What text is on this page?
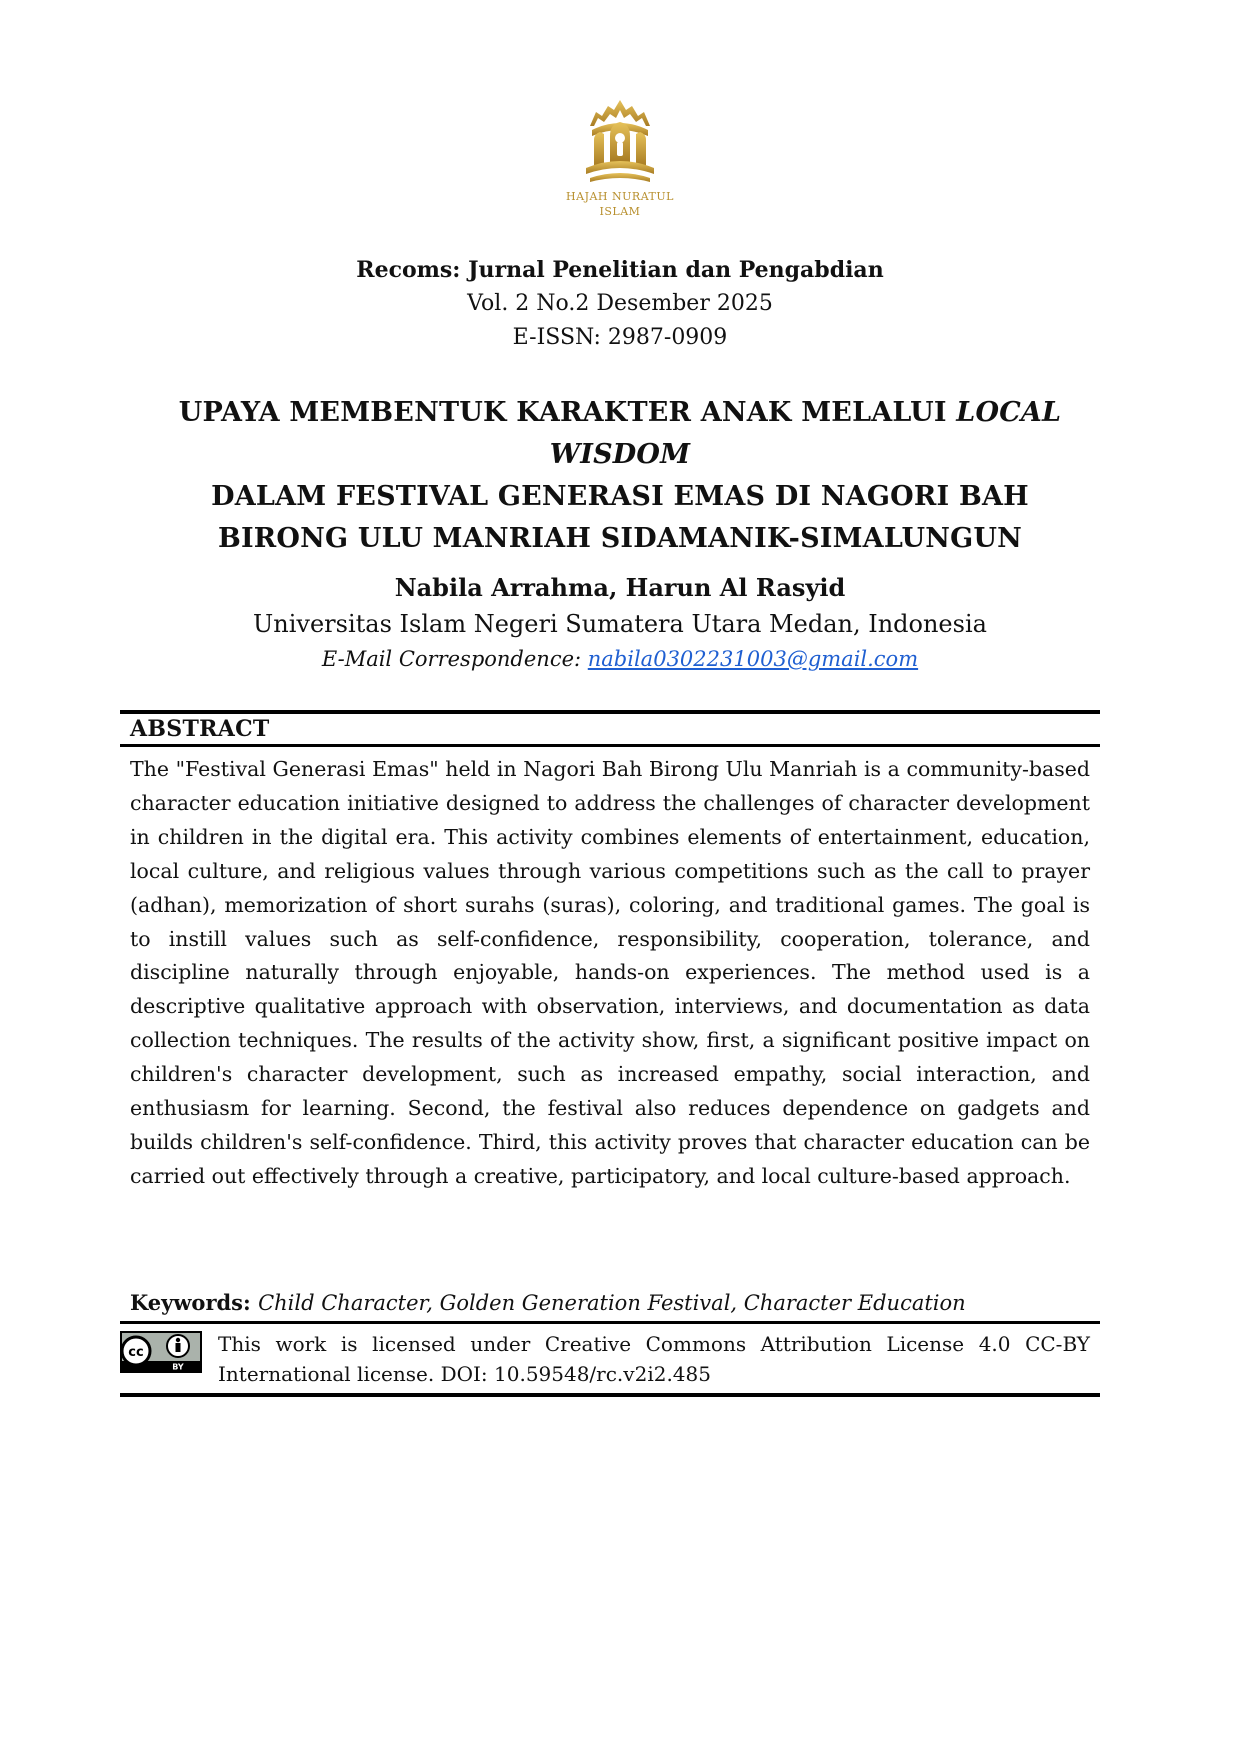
HAJAH NURATUL
ISLAM
Recoms: Jurnal Penelitian dan Pengabdian
Vol. 2 No.2 Desember 2025
E-ISSN: 2987-0909
UPAYA MEMBENTUK KARAKTER ANAK MELALUI LOCAL WISDOM
DALAM FESTIVAL GENERASI EMAS DI NAGORI BAH
BIRONG ULU MANRIAH SIDAMANIK-SIMALUNGUN
Nabila Arrahma, Harun Al Rasyid
Universitas Islam Negeri Sumatera Utara Medan, Indonesia
E-Mail Correspondence: nabila0302231003@gmail.com
ABSTRACT

The "Festival Generasi Emas" held in Nagori Bah Birong Ulu Manriah is a community-based character education initiative designed to address the challenges of character development in children in the digital era. This activity combines elements of entertainment, education, local culture, and religious values through various competitions such as the call to prayer (adhan), memorization of short surahs (suras), coloring, and traditional games. The goal is to instill values such as self-confidence, responsibility, cooperation, tolerance, and discipline naturally through enjoyable, hands-on experiences. The method used is a descriptive qualitative approach with observation, interviews, and documentation as data collection techniques. The results of the activity show, first, a significant positive impact on children's character development, such as increased empathy, social interaction, and enthusiasm for learning. Second, the festival also reduces dependence on gadgets and builds children's self-confidence. Third, this activity proves that character education can be carried out effectively through a creative, participatory, and local culture-based approach.

Keywords: Child Character, Golden Generation Festival, Character Education
cc
BY
This work is licensed under Creative Commons Attribution License 4.0 CC-BY International license. DOI: 10.59548/rc.v2i2.485
